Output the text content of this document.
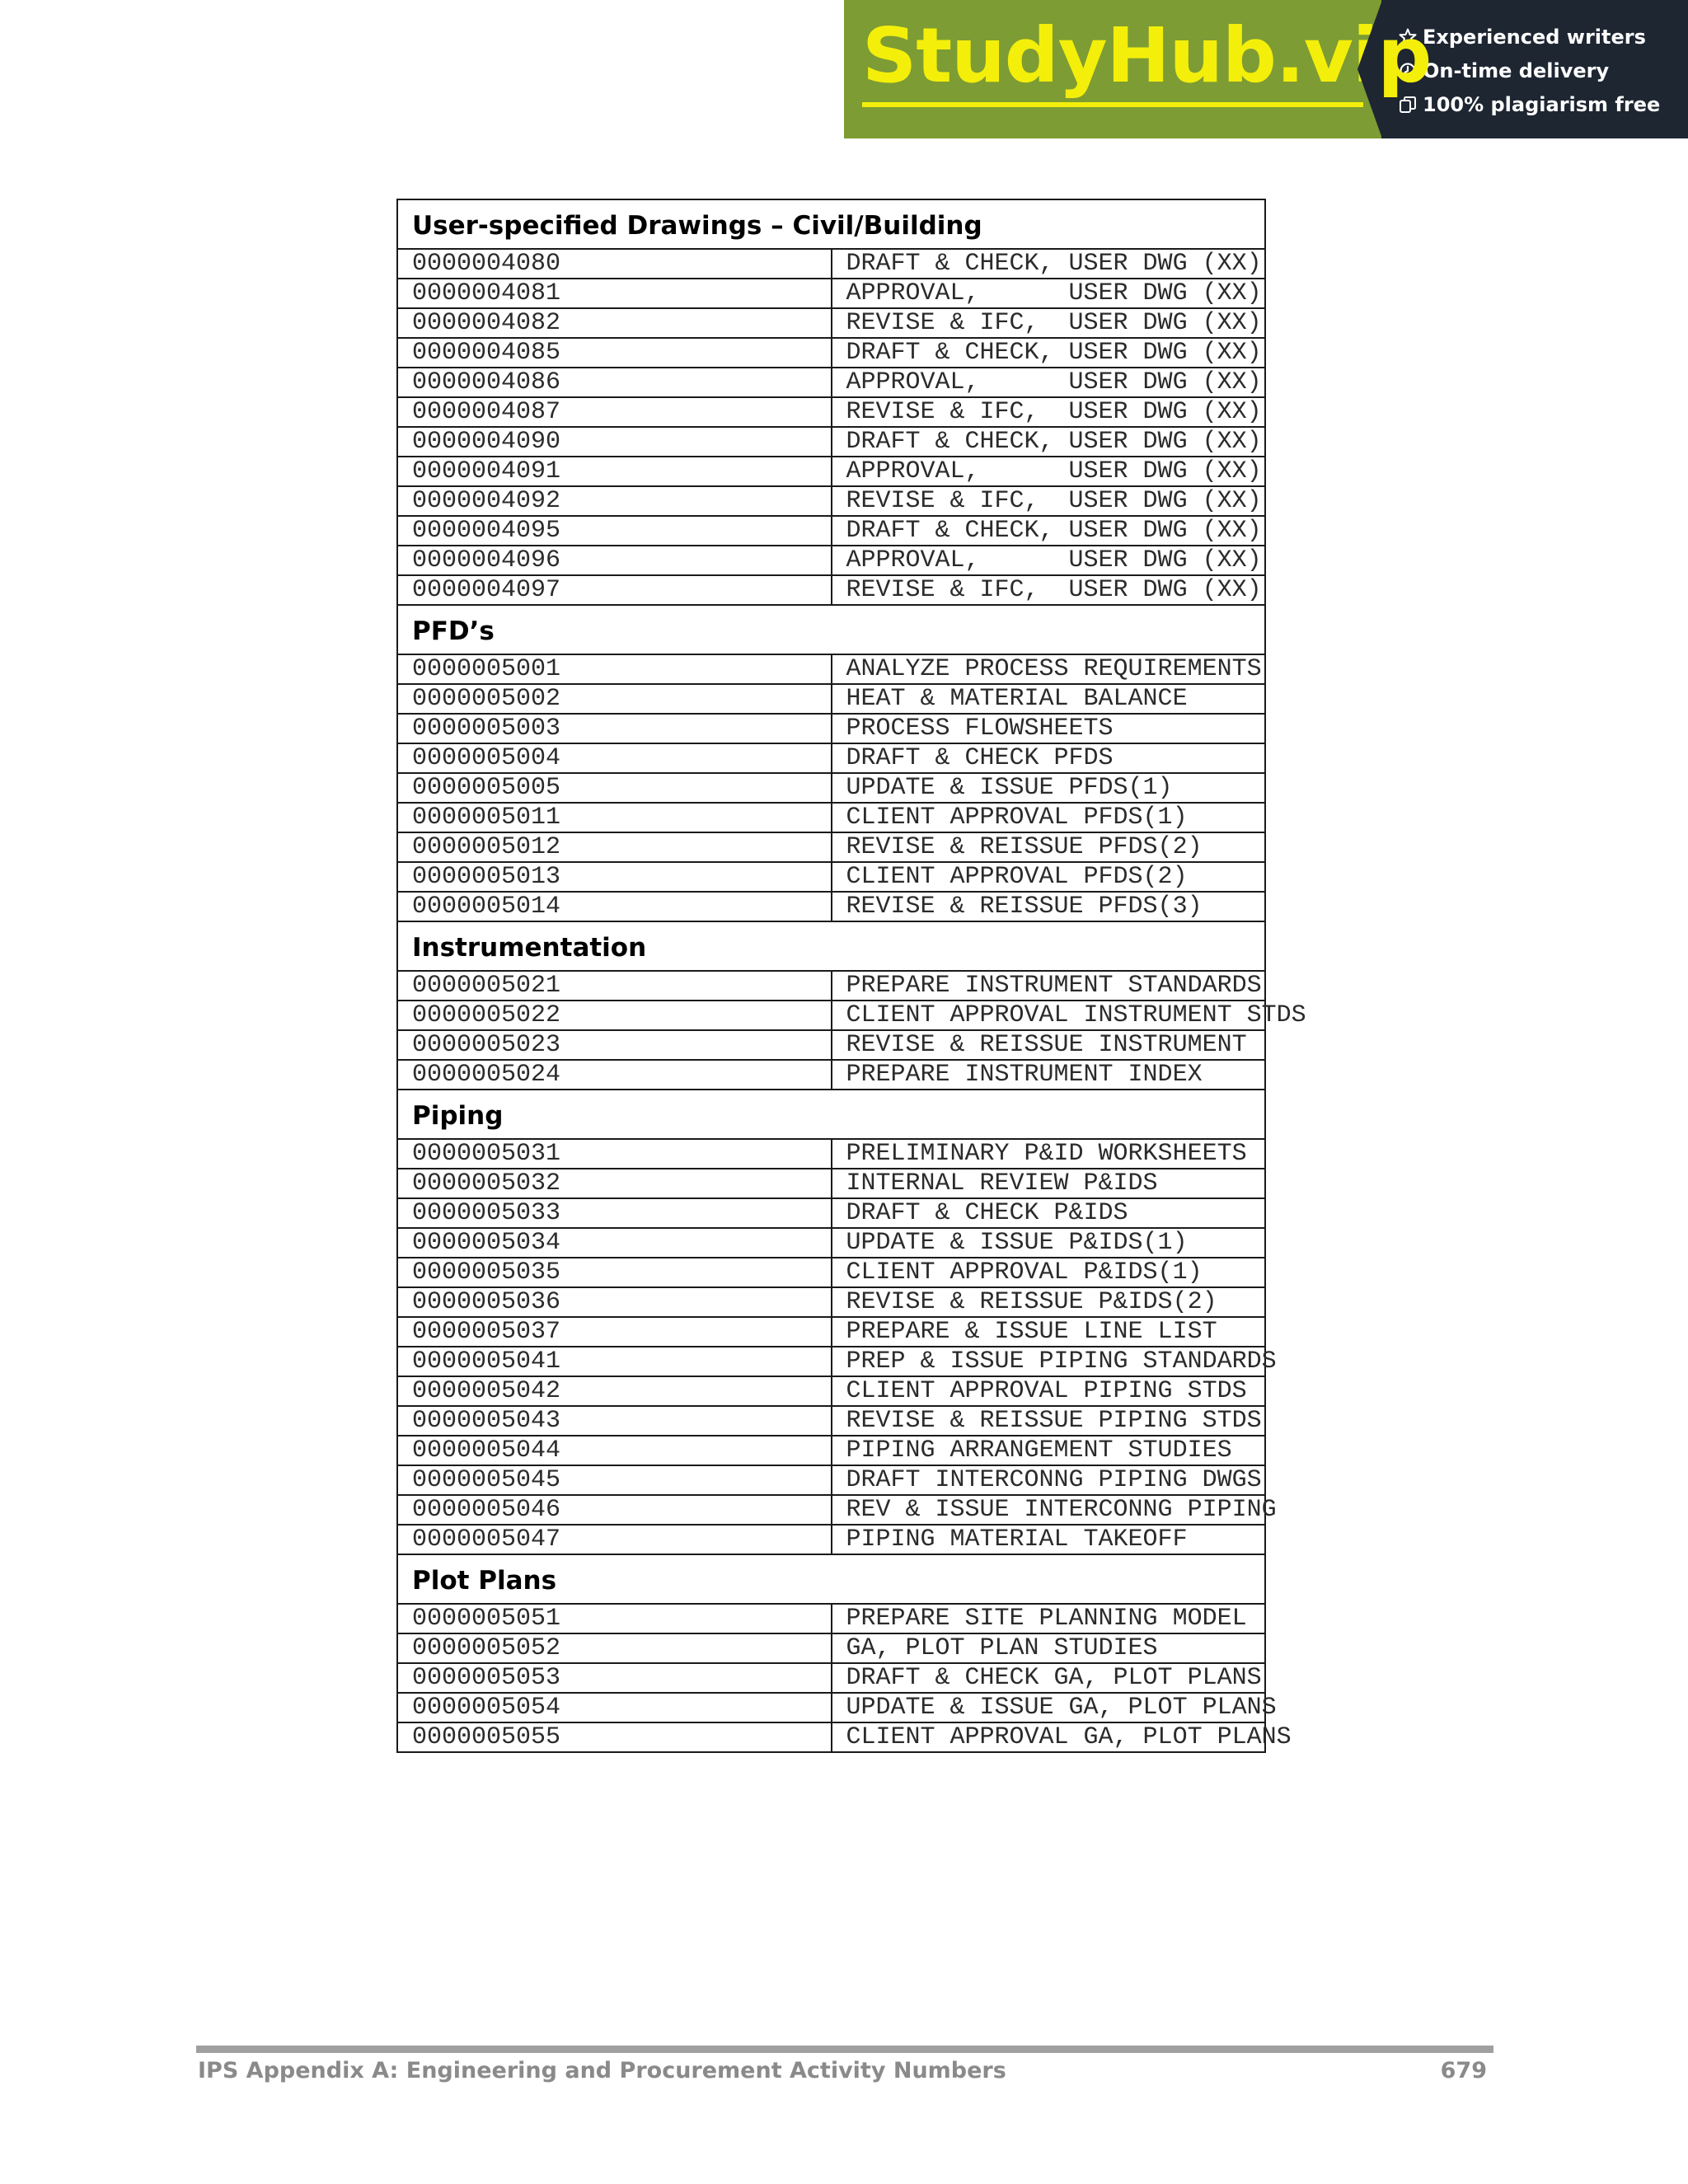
StudyHub.vip
Experienced writers
On-time delivery
100% plagiarism free
User-specified Drawings – Civil/Building	
0000004080	DRAFT & CHECK, USER DWG (XX)
0000004081	APPROVAL,      USER DWG (XX)
0000004082	REVISE & IFC,  USER DWG (XX)
0000004085	DRAFT & CHECK, USER DWG (XX)
0000004086	APPROVAL,      USER DWG (XX)
0000004087	REVISE & IFC,  USER DWG (XX)
0000004090	DRAFT & CHECK, USER DWG (XX)
0000004091	APPROVAL,      USER DWG (XX)
0000004092	REVISE & IFC,  USER DWG (XX)
0000004095	DRAFT & CHECK, USER DWG (XX)
0000004096	APPROVAL,      USER DWG (XX)
0000004097	REVISE & IFC,  USER DWG (XX)
PFD’s	
0000005001	ANALYZE PROCESS REQUIREMENTS
0000005002	HEAT & MATERIAL BALANCE
0000005003	PROCESS FLOWSHEETS
0000005004	DRAFT & CHECK PFDS
0000005005	UPDATE & ISSUE PFDS(1)
0000005011	CLIENT APPROVAL PFDS(1)
0000005012	REVISE & REISSUE PFDS(2)
0000005013	CLIENT APPROVAL PFDS(2)
0000005014	REVISE & REISSUE PFDS(3)
Instrumentation	
0000005021	PREPARE INSTRUMENT STANDARDS
0000005022	CLIENT APPROVAL INSTRUMENT STDS
0000005023	REVISE & REISSUE INSTRUMENT
0000005024	PREPARE INSTRUMENT INDEX
Piping	
0000005031	PRELIMINARY P&ID WORKSHEETS
0000005032	INTERNAL REVIEW P&IDS
0000005033	DRAFT & CHECK P&IDS
0000005034	UPDATE & ISSUE P&IDS(1)
0000005035	CLIENT APPROVAL P&IDS(1)
0000005036	REVISE & REISSUE P&IDS(2)
0000005037	PREPARE & ISSUE LINE LIST
0000005041	PREP & ISSUE PIPING STANDARDS
0000005042	CLIENT APPROVAL PIPING STDS
0000005043	REVISE & REISSUE PIPING STDS
0000005044	PIPING ARRANGEMENT STUDIES
0000005045	DRAFT INTERCONNG PIPING DWGS
0000005046	REV & ISSUE INTERCONNG PIPING
0000005047	PIPING MATERIAL TAKEOFF
Plot Plans	
0000005051	PREPARE SITE PLANNING MODEL
0000005052	GA, PLOT PLAN STUDIES
0000005053	DRAFT & CHECK GA, PLOT PLANS
0000005054	UPDATE & ISSUE GA, PLOT PLANS
0000005055	CLIENT APPROVAL GA, PLOT PLANS
IPS Appendix A: Engineering and Procurement Activity Numbers	679
